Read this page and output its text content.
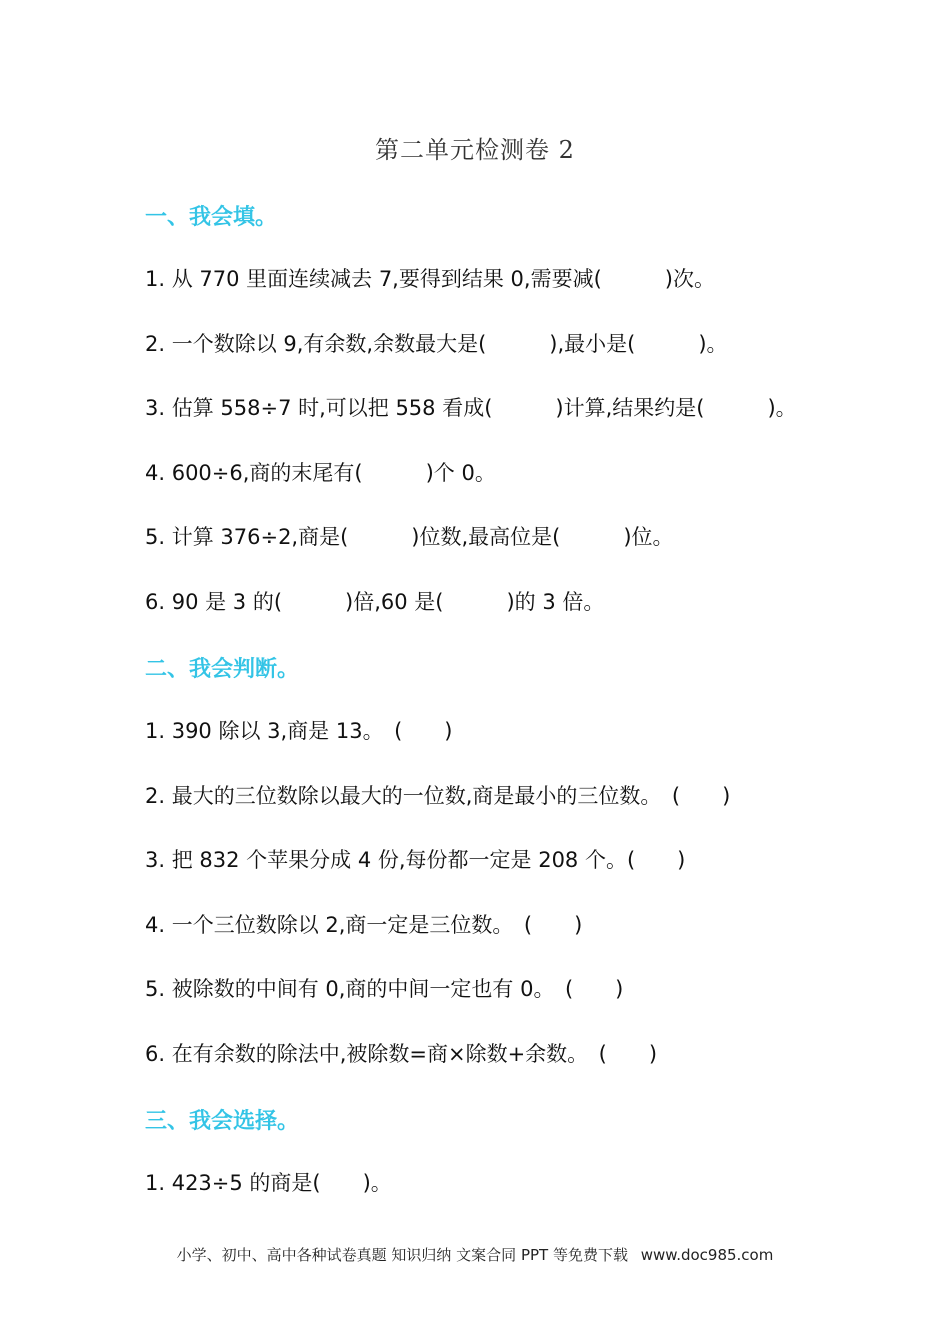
第二单元检测卷 2
一、我会填。
1. 从 770 里面连续减去 7,要得到结果 0,需要减(　　　)次。
2. 一个数除以 9,有余数,余数最大是(　　　),最小是(　　　)。
3. 估算 558÷7 时,可以把 558 看成(　　　)计算,结果约是(　　　)。
4. 600÷6,商的末尾有(　　　)个 0。
5. 计算 376÷2,商是(　　　)位数,最高位是(　　　)位。
6. 90 是 3 的(　　　)倍,60 是(　　　)的 3 倍。
二、我会判断。
1. 390 除以 3,商是 13。　(　　)
2. 最大的三位数除以最大的一位数,商是最小的三位数。　(　　)
3. 把 832 个苹果分成 4 份,每份都一定是 208 个。(　　)
4. 一个三位数除以 2,商一定是三位数。　(　　)
5. 被除数的中间有 0,商的中间一定也有 0。　(　　)
6. 在有余数的除法中,被除数=商×除数+余数。　(　　)
三、我会选择。
1. 423÷5 的商是(　　)。
小学、初中、高中各种试卷真题 知识归纳 文案合同 PPT 等免费下载 www.doc985.com
